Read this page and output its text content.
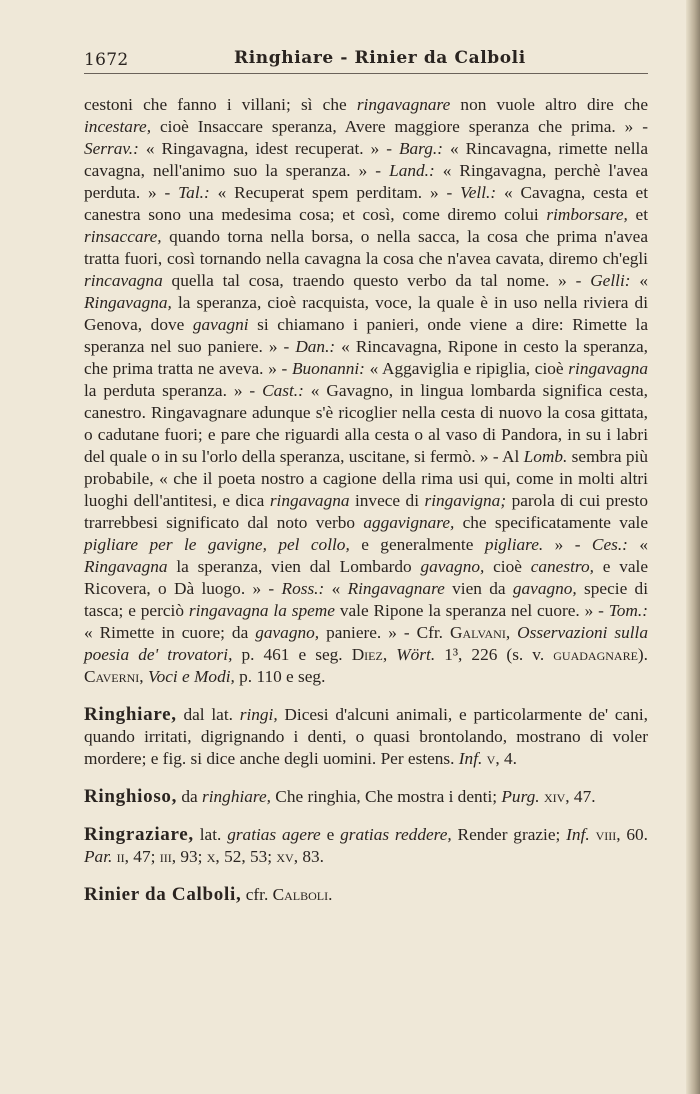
1672	Ringhiare - Rinier da Calboli

cestoni che fanno i villani; sì che ringavagnare non vuole altro dire che incestare, cioè Insaccare speranza, Avere maggiore speranza che prima. » - Serrav.: « Ringavagna, idest recuperat. » - Barg.: « Rincavagna, rimette nella cavagna, nell'animo suo la speranza. » - Land.: « Ringavagna, perchè l'avea perduta. » - Tal.: « Recuperat spem perditam. » - Vell.: « Cavagna, cesta et canestra sono una medesima cosa; et così, come diremo colui rimborsare, et rinsaccare, quando torna nella borsa, o nella sacca, la cosa che prima n'avea tratta fuori, così tornando nella cavagna la cosa che n'avea cavata, diremo ch'egli rincavagna quella tal cosa, traendo questo verbo da tal nome. » - Gelli: « Ringavagna, la speranza, cioè racquista, voce, la quale è in uso nella riviera di Genova, dove gavagni si chiamano i panieri, onde viene a dire: Rimette la speranza nel suo paniere. » - Dan.: « Rincavagna, Ripone in cesto la speranza, che prima tratta ne aveva. » - Buonanni: « Aggaviglia e ripiglia, cioè ringavagna la perduta speranza. » - Cast.: « Gavagno, in lingua lombarda significa cesta, canestro. Ringavagnare adunque s'è ricoglier nella cesta di nuovo la cosa gittata, o cadutane fuori; e pare che riguardi alla cesta o al vaso di Pandora, in su i labri del quale o in su l'orlo della speranza, uscitane, si fermò. » - Al Lomb. sembra più probabile, « che il poeta nostro a cagione della rima usi qui, come in molti altri luoghi dell'antitesi, e dica ringavagna invece di ringavigna; parola di cui presto trarrebbesi significato dal noto verbo aggavignare, che specificatamente vale pigliare per le gavigne, pel collo, e generalmente pigliare. » - Ces.: « Ringavagna la speranza, vien dal Lombardo gavagno, cioè canestro, e vale Ricovera, o Dà luogo. » - Ross.: « Ringavagnare vien da gavagno, specie di tasca; e perciò ringavagna la speme vale Ripone la speranza nel cuore. » - Tom.: « Rimette in cuore; da gavagno, paniere. » - Cfr. Galvani, Osservazioni sulla poesia de' trovatori, p. 461 e seg. Diez, Wört. 1³, 226 (s. v. guadagnare). Caverni, Voci e Modi, p. 110 e seg.

Ringhiare, dal lat. ringi, Dicesi d'alcuni animali, e particolarmente de' cani, quando irritati, digrignando i denti, o quasi brontolando, mostrano di voler mordere; e fig. si dice anche degli uomini. Per estens. Inf. v, 4.

Ringhioso, da ringhiare, Che ringhia, Che mostra i denti; Purg. xiv, 47.

Ringraziare, lat. gratias agere e gratias reddere, Render grazie; Inf. viii, 60. Par. ii, 47; iii, 93; x, 52, 53; xv, 83.

Rinier da Calboli, cfr. Calboli.
